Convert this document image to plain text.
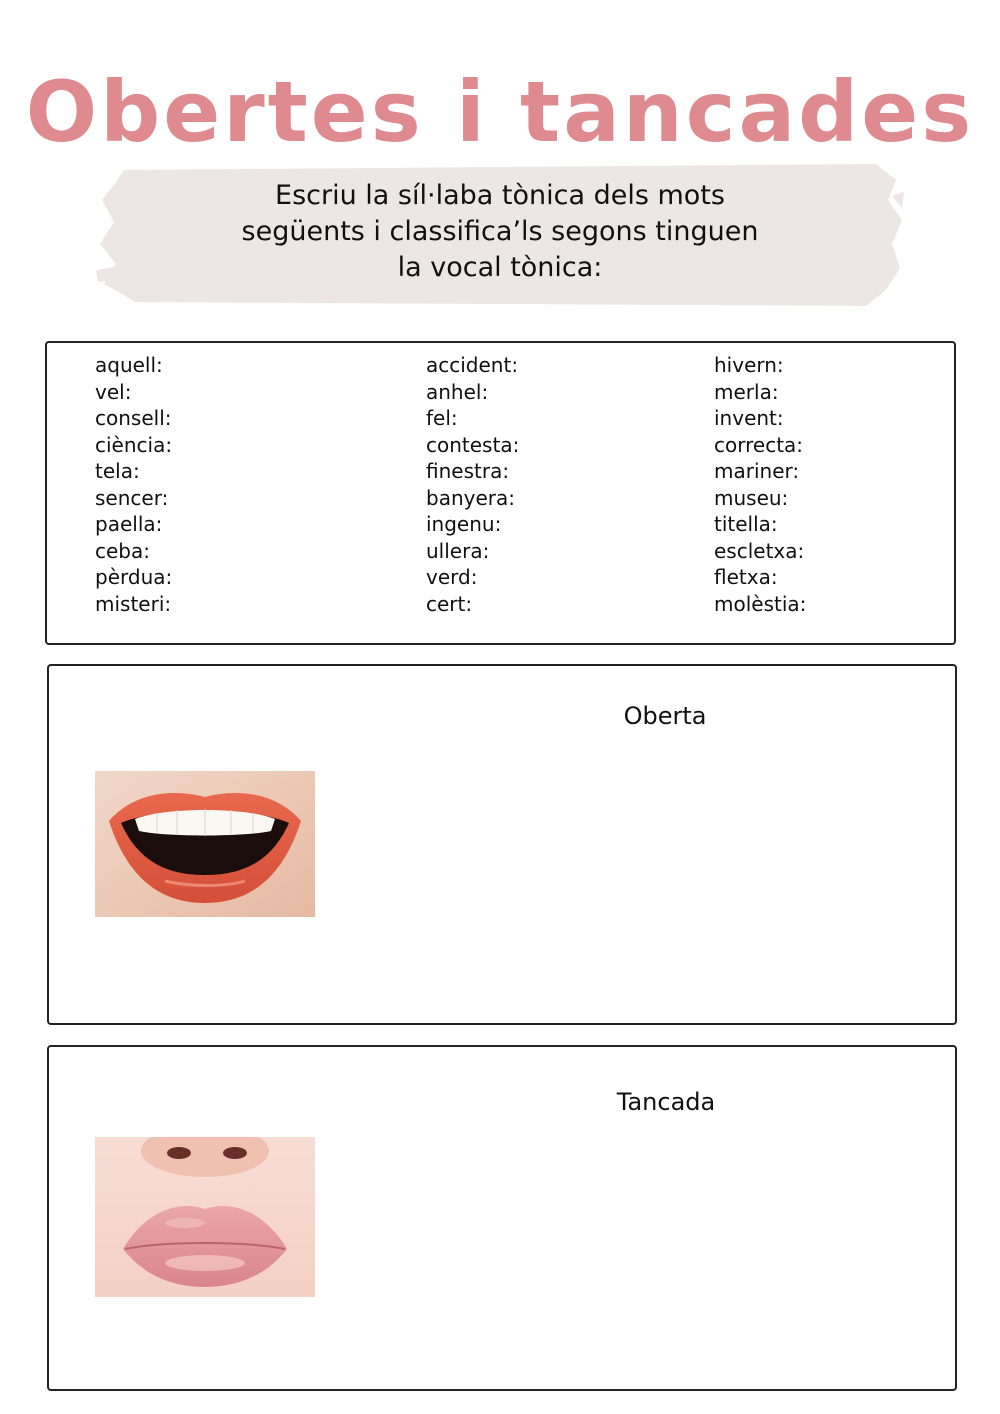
Obertes i tancades
Escriu la síl·laba tònica dels mots
següents i classifica’ls segons tinguen
la vocal tònica:
aquell:
vel:
consell:
ciència:
tela:
sencer:
paella:
ceba:
pèrdua:
misteri:
accident:
anhel:
fel:
contesta:
finestra:
banyera:
ingenu:
ullera:
verd:
cert:
hivern:
merla:
invent:
correcta:
mariner:
museu:
titella:
escletxa:
fletxa:
molèstia:
Oberta
Tancada
